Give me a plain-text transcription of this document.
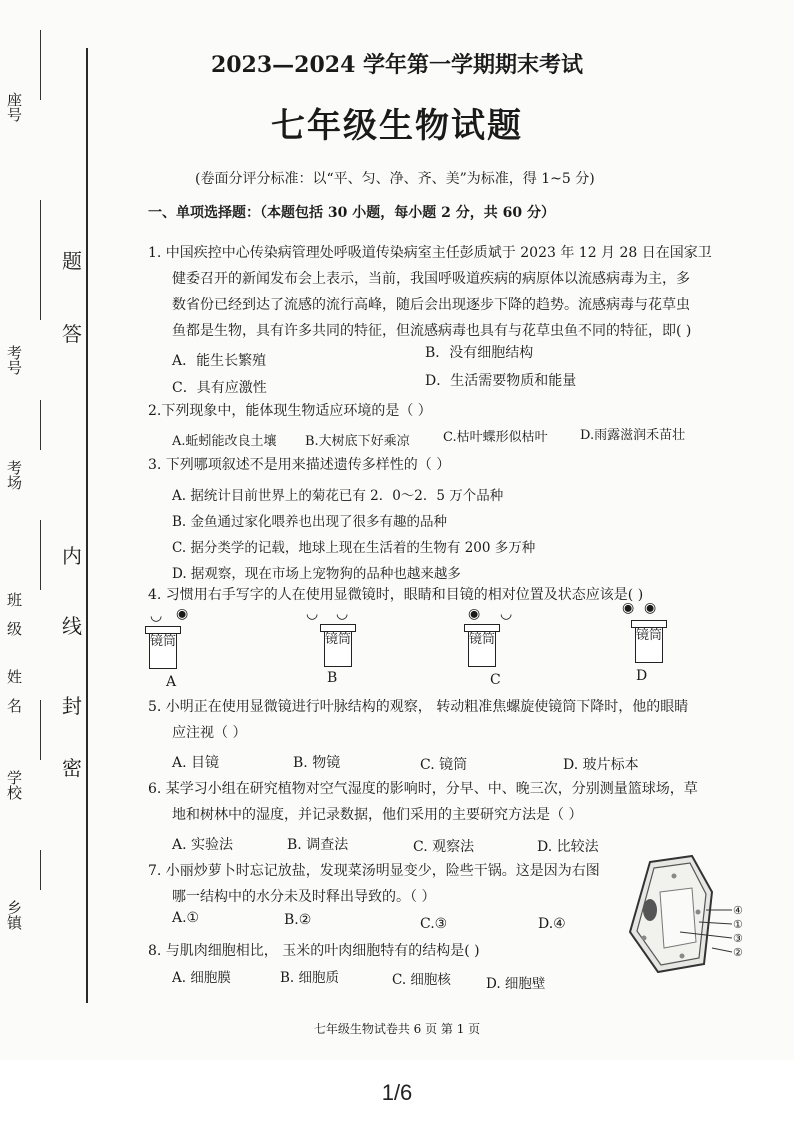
座号
考号
考场
班级 姓名
学校
乡镇
密
封
线
内
答
题
2023—2024 学年第一学期期末考试
七年级生物试题
(卷面分评分标准：以“平、匀、净、齐、美”为标准，得 1~5 分)
一、单项选择题：（本题包括 30 小题，每小题 2 分，共 60 分）
1. 中国疾控中心传染病管理处呼吸道传染病室主任彭质斌于 2023 年 12 月 28 日在国家卫
健委召开的新闻发布会上表示，当前，我国呼吸道疾病的病原体以流感病毒为主，多
数省份已经到达了流感的流行高峰，随后会出现逐步下降的趋势。流感病毒与花草虫
鱼都是生物，具有许多共同的特征，但流感病毒也具有与花草虫鱼不同的特征，即( )
A．能生长繁殖	B．没有细胞结构
C．具有应激性	D．生活需要物质和能量
2.下列现象中，能体现生物适应环境的是（ ）
A.蚯蚓能改良土壤 B.大树底下好乘凉	C.枯叶蝶形似枯叶 D.雨露滋润禾苗壮
3. 下列哪项叙述不是用来描述遗传多样性的（ ）
A. 据统计目前世界上的菊花已有 2．0～2．5 万个品种
B. 金鱼通过家化喂养也出现了很多有趣的品种
C. 据分类学的记载，地球上现在生活着的生物有 200 多万种
D. 据观察，现在市场上宠物狗的品种也越来越多
4. 习惯用右手写字的人在使用显微镜时，眼睛和目镜的相对位置及状态应该是( )
◡ ◉
镜筒
A
◡ ◡
镜筒
B
◉ ◡
镜筒
C
◉ ◉
镜筒
D
5. 小明正在使用显微镜进行叶脉结构的观察， 转动粗准焦螺旋使镜筒下降时，他的眼睛
应注视（ ）
A. 目镜	B. 物镜	C. 镜筒	D. 玻片标本
6. 某学习小组在研究植物对空气湿度的影响时，分早、中、晚三次，分别测量篮球场，草
地和树林中的湿度，并记录数据，他们采用的主要研究方法是（ ）
A. 实验法	B. 调查法	C. 观察法	D. 比较法
7. 小丽炒萝卜时忘记放盐，发现菜汤明显变少，险些干锅。这是因为右图
哪一结构中的水分未及时释出导致的。（ ）
A.①	B.②	C.③	D.④
④
①
③
②
8. 与肌肉细胞相比， 玉米的叶肉细胞特有的结构是( )
A. 细胞膜	B. 细胞质	C. 细胞核	D. 细胞壁
七年级生物试卷共 6 页 第 1 页
1/6
